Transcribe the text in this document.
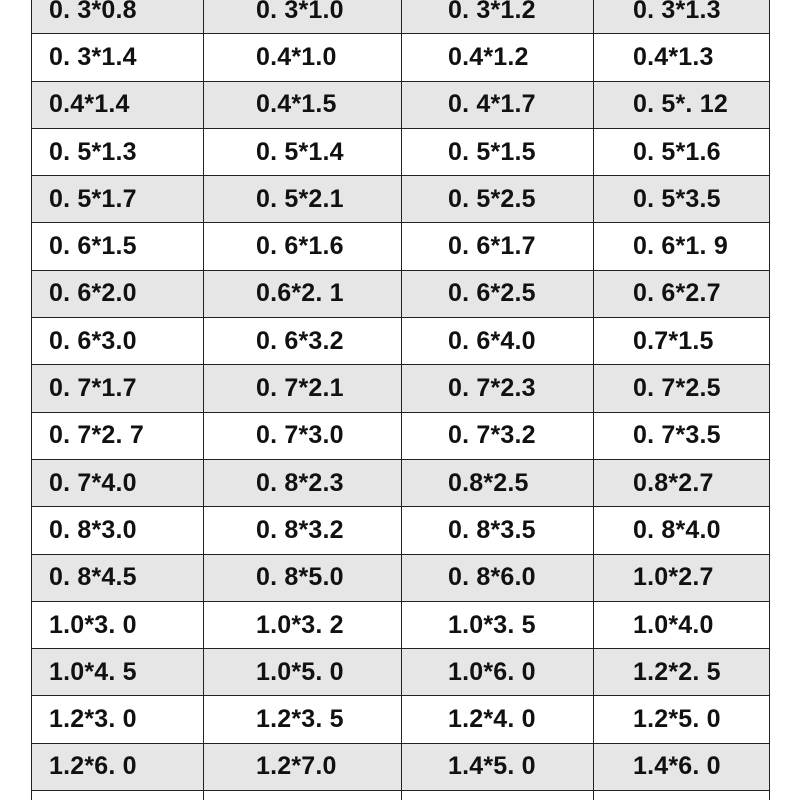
0. 3*0.8	0. 3*1.0	0. 3*1.2	0. 3*1.3
0. 3*1.4	0.4*1.0	0.4*1.2	0.4*1.3
0.4*1.4	0.4*1.5	0. 4*1.7	0. 5*. 12
0. 5*1.3	0. 5*1.4	0. 5*1.5	0. 5*1.6
0. 5*1.7	0. 5*2.1	0. 5*2.5	0. 5*3.5
0. 6*1.5	0. 6*1.6	0. 6*1.7	0. 6*1. 9
0. 6*2.0	0.6*2. 1	0. 6*2.5	0. 6*2.7
0. 6*3.0	0. 6*3.2	0. 6*4.0	0.7*1.5
0. 7*1.7	0. 7*2.1	0. 7*2.3	0. 7*2.5
0. 7*2. 7	0. 7*3.0	0. 7*3.2	0. 7*3.5
0. 7*4.0	0. 8*2.3	0.8*2.5	0.8*2.7
0. 8*3.0	0. 8*3.2	0. 8*3.5	0. 8*4.0
0. 8*4.5	0. 8*5.0	0. 8*6.0	1.0*2.7
1.0*3. 0	1.0*3. 2	1.0*3. 5	1.0*4.0
1.0*4. 5	1.0*5. 0	1.0*6. 0	1.2*2. 5
1.2*3. 0	1.2*3. 5	1.2*4. 0	1.2*5. 0
1.2*6. 0	1.2*7.0	1.4*5. 0	1.4*6. 0
